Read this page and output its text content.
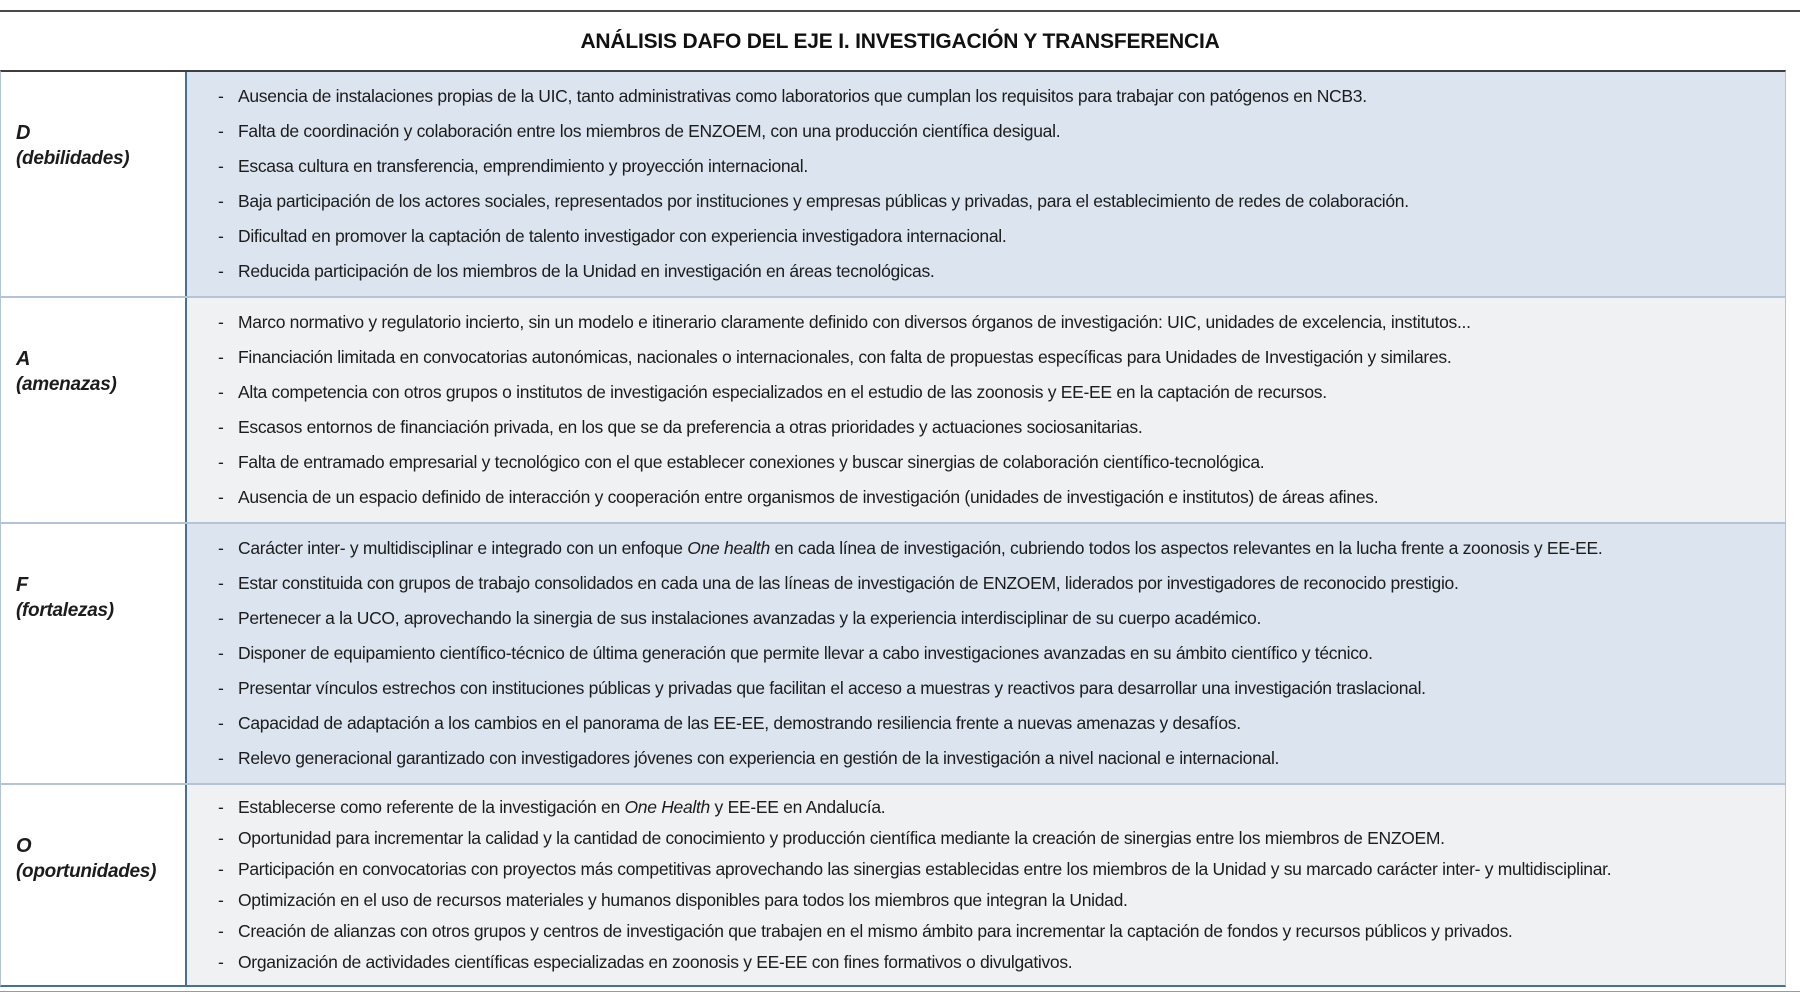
ANÁLISIS DAFO DEL EJE I. INVESTIGACIÓN Y TRANSFERENCIA
D
(debilidades)
- Ausencia de instalaciones propias de la UIC, tanto administrativas como laboratorios que cumplan los requisitos para trabajar con patógenos en NCB3.
- Falta de coordinación y colaboración entre los miembros de ENZOEM, con una producción científica desigual.
- Escasa cultura en transferencia, emprendimiento y proyección internacional.
- Baja participación de los actores sociales, representados por instituciones y empresas públicas y privadas, para el establecimiento de redes de colaboración.
- Dificultad en promover la captación de talento investigador con experiencia investigadora internacional.
- Reducida participación de los miembros de la Unidad en investigación en áreas tecnológicas.
A
(amenazas)
- Marco normativo y regulatorio incierto, sin un modelo e itinerario claramente definido con diversos órganos de investigación: UIC, unidades de excelencia, institutos...
- Financiación limitada en convocatorias autonómicas, nacionales o internacionales, con falta de propuestas específicas para Unidades de Investigación y similares.
- Alta competencia con otros grupos o institutos de investigación especializados en el estudio de las zoonosis y EE-EE en la captación de recursos.
- Escasos entornos de financiación privada, en los que se da preferencia a otras prioridades y actuaciones sociosanitarias.
- Falta de entramado empresarial y tecnológico con el que establecer conexiones y buscar sinergias de colaboración científico-tecnológica.
- Ausencia de un espacio definido de interacción y cooperación entre organismos de investigación (unidades de investigación e institutos) de áreas afines.
F
(fortalezas)
- Carácter inter- y multidisciplinar e integrado con un enfoque One health en cada línea de investigación, cubriendo todos los aspectos relevantes en la lucha frente a zoonosis y EE-EE.
- Estar constituida con grupos de trabajo consolidados en cada una de las líneas de investigación de ENZOEM, liderados por investigadores de reconocido prestigio.
- Pertenecer a la UCO, aprovechando la sinergia de sus instalaciones avanzadas y la experiencia interdisciplinar de su cuerpo académico.
- Disponer de equipamiento científico-técnico de última generación que permite llevar a cabo investigaciones avanzadas en su ámbito científico y técnico.
- Presentar vínculos estrechos con instituciones públicas y privadas que facilitan el acceso a muestras y reactivos para desarrollar una investigación traslacional.
- Capacidad de adaptación a los cambios en el panorama de las EE-EE, demostrando resiliencia frente a nuevas amenazas y desafíos.
- Relevo generacional garantizado con investigadores jóvenes con experiencia en gestión de la investigación a nivel nacional e internacional.
O
(oportunidades)
- Establecerse como referente de la investigación en One Health y EE-EE en Andalucía.
- Oportunidad para incrementar la calidad y la cantidad de conocimiento y producción científica mediante la creación de sinergias entre los miembros de ENZOEM.
- Participación en convocatorias con proyectos más competitivas aprovechando las sinergias establecidas entre los miembros de la Unidad y su marcado carácter inter- y multidisciplinar.
- Optimización en el uso de recursos materiales y humanos disponibles para todos los miembros que integran la Unidad.
- Creación de alianzas con otros grupos y centros de investigación que trabajen en el mismo ámbito para incrementar la captación de fondos y recursos públicos y privados.
- Organización de actividades científicas especializadas en zoonosis y EE-EE con fines formativos o divulgativos.
